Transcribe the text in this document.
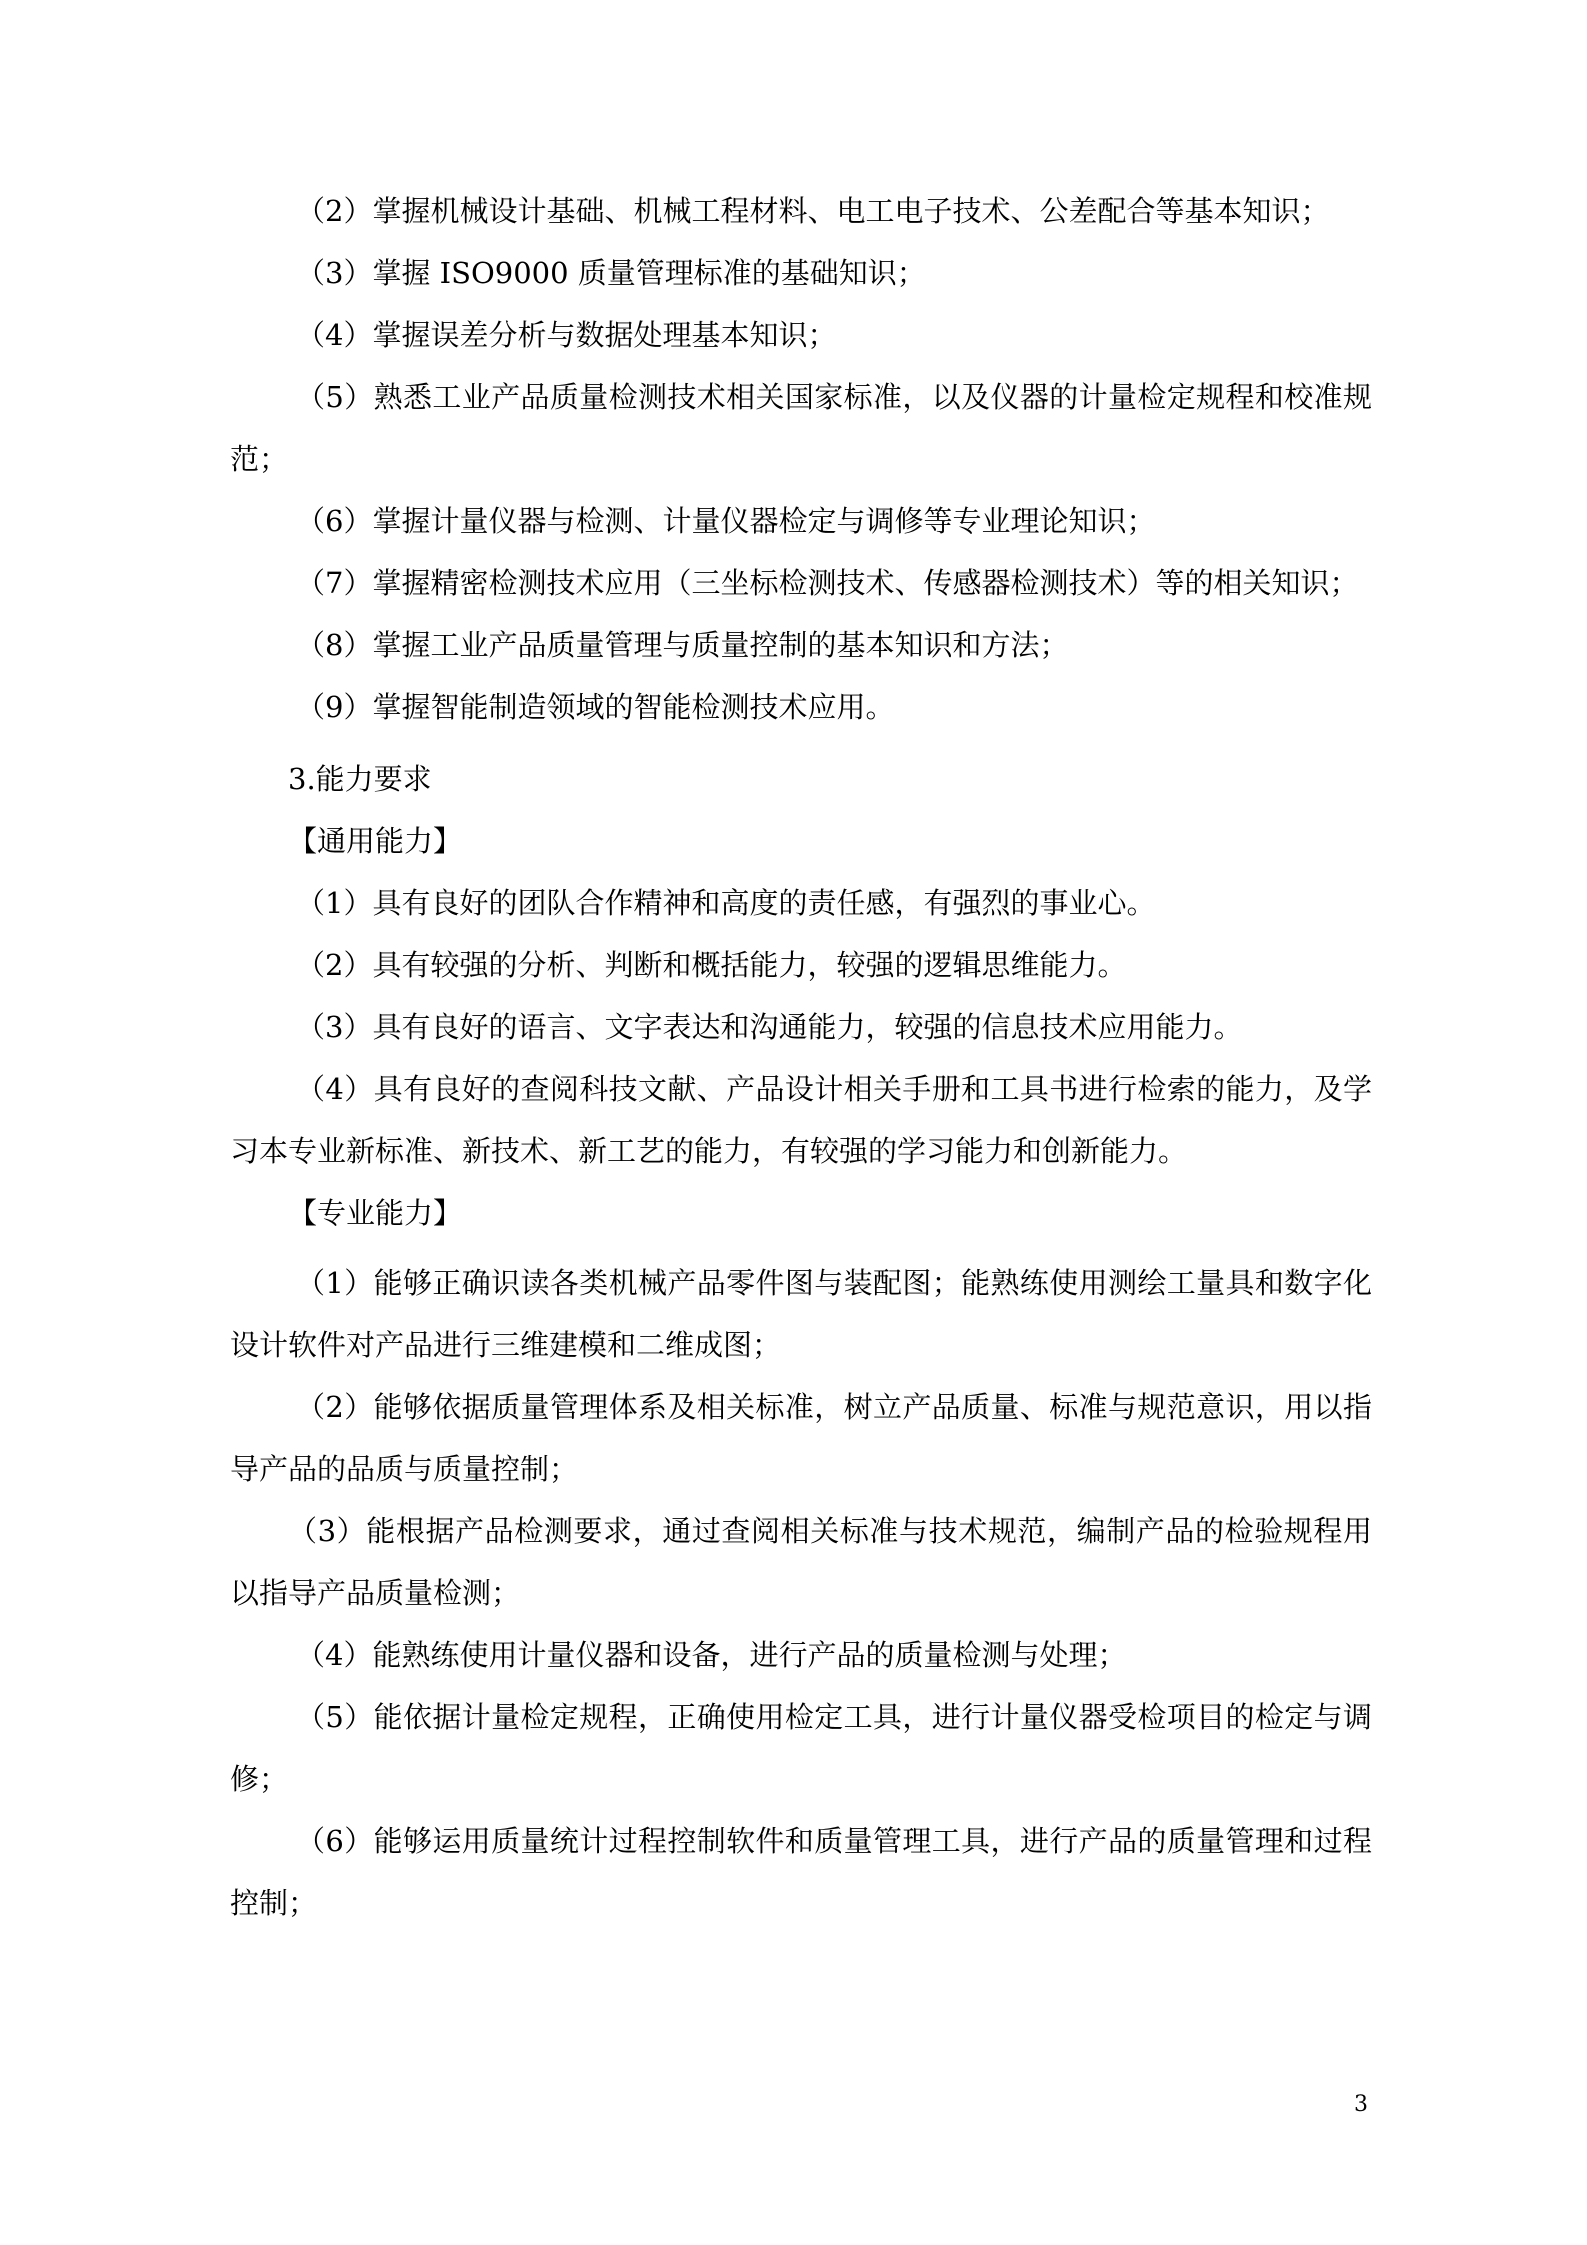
（2）掌握机械设计基础、机械工程材料、电工电子技术、公差配合等基本知识；
（3）掌握 ISO9000 质量管理标准的基础知识；
（4）掌握误差分析与数据处理基本知识；
（5）熟悉工业产品质量检测技术相关国家标准，以及仪器的计量检定规程和校准规范；
（6）掌握计量仪器与检测、计量仪器检定与调修等专业理论知识；
（7）掌握精密检测技术应用（三坐标检测技术、传感器检测技术）等的相关知识；
（8）掌握工业产品质量管理与质量控制的基本知识和方法；
（9）掌握智能制造领域的智能检测技术应用。
3.能力要求
【通用能力】
（1）具有良好的团队合作精神和高度的责任感，有强烈的事业心。
（2）具有较强的分析、判断和概括能力，较强的逻辑思维能力。
（3）具有良好的语言、文字表达和沟通能力，较强的信息技术应用能力。
（4）具有良好的查阅科技文献、产品设计相关手册和工具书进行检索的能力，及学习本专业新标准、新技术、新工艺的能力，有较强的学习能力和创新能力。
【专业能力】
（1）能够正确识读各类机械产品零件图与装配图；能熟练使用测绘工量具和数字化设计软件对产品进行三维建模和二维成图；
（2）能够依据质量管理体系及相关标准，树立产品质量、标准与规范意识，用以指导产品的品质与质量控制；
（3）能根据产品检测要求，通过查阅相关标准与技术规范，编制产品的检验规程用以指导产品质量检测；
（4）能熟练使用计量仪器和设备，进行产品的质量检测与处理；
（5）能依据计量检定规程，正确使用检定工具，进行计量仪器受检项目的检定与调修；
（6）能够运用质量统计过程控制软件和质量管理工具，进行产品的质量管理和过程控制；
3
